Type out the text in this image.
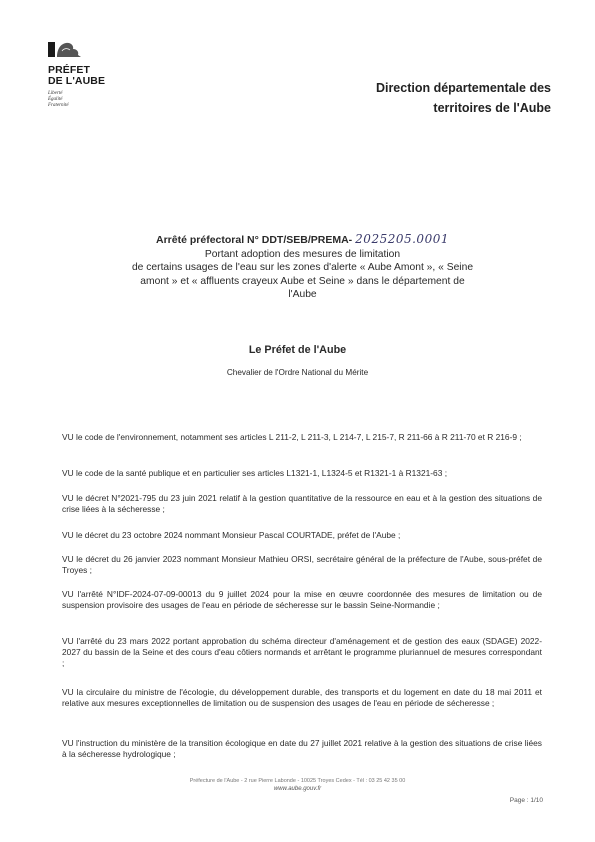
PRÉFET
DE L'AUBE
Liberté
Égalité
Fraternité
Direction départementale des
territoires de l'Aube
Arrêté préfectoral N° DDT/SEB/PREMA- 2025205.0001
Portant adoption des mesures de limitation
de certains usages de l'eau sur les zones d'alerte « Aube Amont », « Seine
amont » et « affluents crayeux Aube et Seine » dans le département de
l'Aube
Le Préfet de l'Aube
Chevalier de l'Ordre National du Mérite

VU le code de l'environnement, notamment ses articles L 211-2, L 211-3, L 214-7, L 215-7, R 211-66 à R 211-70 et R 216-9 ;

VU le code de la santé publique et en particulier ses articles L1321-1, L1324-5 et R1321-1 à R1321-63 ;

VU le décret N°2021-795 du 23 juin 2021 relatif à la gestion quantitative de la ressource en eau et à la gestion des situations de crise liées à la sécheresse ;

VU le décret du 23 octobre 2024 nommant Monsieur Pascal COURTADE, préfet de l'Aube ;

VU le décret du 26 janvier 2023 nommant Monsieur Mathieu ORSI, secrétaire général de la préfecture de l'Aube, sous-préfet de Troyes ;

VU l'arrêté N°IDF-2024-07-09-00013 du 9 juillet 2024 pour la mise en œuvre coordonnée des mesures de limitation ou de suspension provisoire des usages de l'eau en période de sécheresse sur le bassin Seine-Normandie ;

VU l'arrêté du 23 mars 2022 portant approbation du schéma directeur d'aménagement et de gestion des eaux (SDAGE) 2022-2027 du bassin de la Seine et des cours d'eau côtiers normands et arrêtant le programme pluriannuel de mesures correspondant ;

VU la circulaire du ministre de l'écologie, du développement durable, des transports et du logement en date du 18 mai 2011 et relative aux mesures exceptionnelles de limitation ou de suspension des usages de l'eau en période de sécheresse ;

VU l'instruction du ministère de la transition écologique en date du 27 juillet 2021 relative à la gestion des situations de crise liées à la sécheresse hydrologique ;

Préfecture de l'Aube - 2 rue Pierre Labonde - 10025 Troyes Cedex - Tél : 03 25 42 35 00
www.aube.gouv.fr
Page : 1/10
